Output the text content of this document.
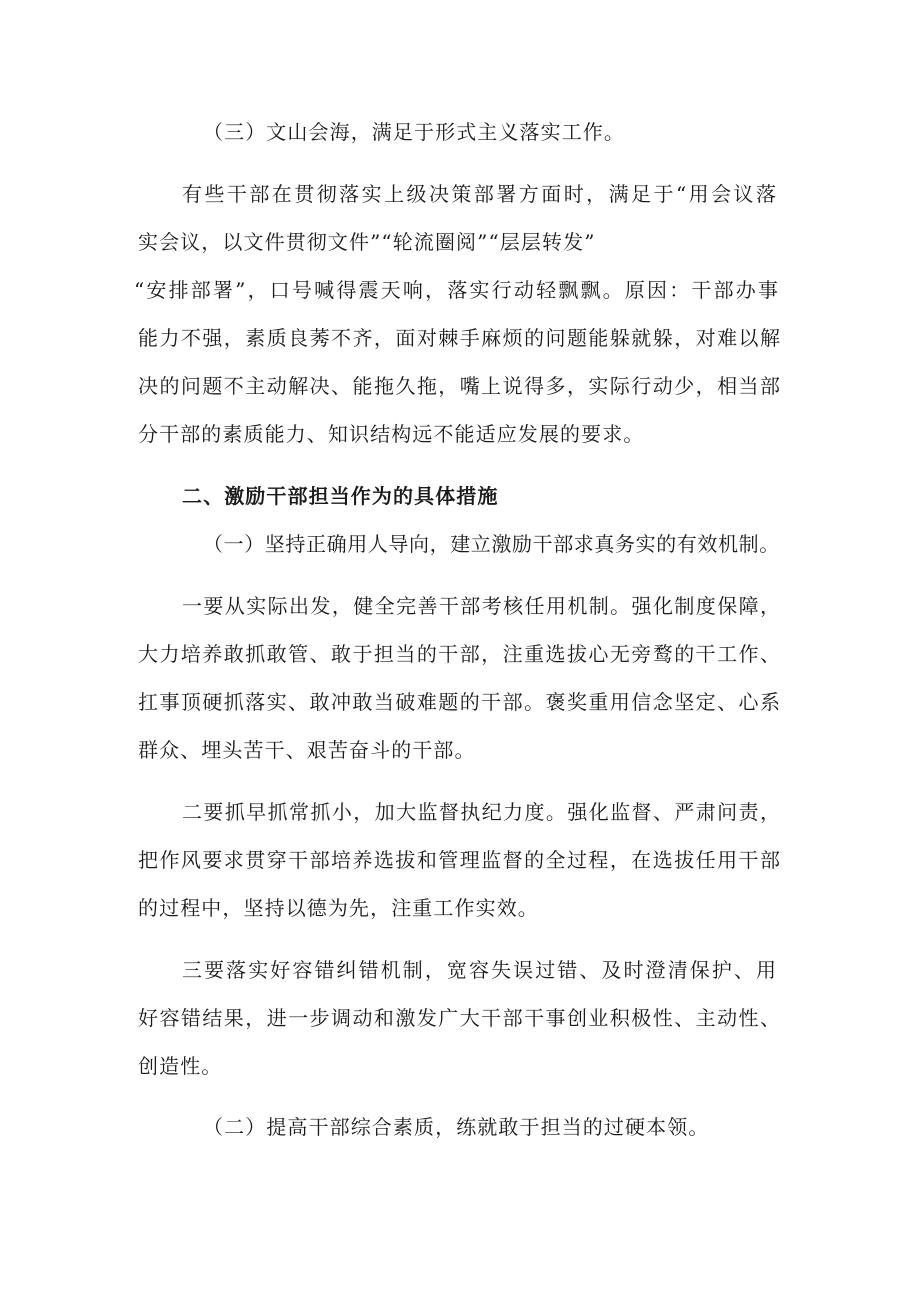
（三）文山会海，满足于形式主义落实工作。
有些干部在贯彻落实上级决策部署方面时，满足于“用会议落
实会议，以文件贯彻文件”“轮流圈阅”“层层转发”
“安排部署”，口号喊得震天响，落实行动轻飘飘。原因：干部办事
能力不强，素质良莠不齐，面对棘手麻烦的问题能躲就躲，对难以解
决的问题不主动解决、能拖久拖，嘴上说得多，实际行动少，相当部
分干部的素质能力、知识结构远不能适应发展的要求。
二、激励干部担当作为的具体措施
（一）坚持正确用人导向，建立激励干部求真务实的有效机制。
一要从实际出发，健全完善干部考核任用机制。强化制度保障，
大力培养敢抓敢管、敢于担当的干部，注重选拔心无旁鹜的干工作、
扛事顶硬抓落实、敢冲敢当破难题的干部。褒奖重用信念坚定、心系
群众、埋头苦干、艰苦奋斗的干部。
二要抓早抓常抓小，加大监督执纪力度。强化监督、严肃问责，
把作风要求贯穿干部培养选拔和管理监督的全过程，在选拔任用干部
的过程中，坚持以德为先，注重工作实效。
三要落实好容错纠错机制，宽容失误过错、及时澄清保护、用
好容错结果，进一步调动和激发广大干部干事创业积极性、主动性、
创造性。
（二）提高干部综合素质，练就敢于担当的过硬本领。
